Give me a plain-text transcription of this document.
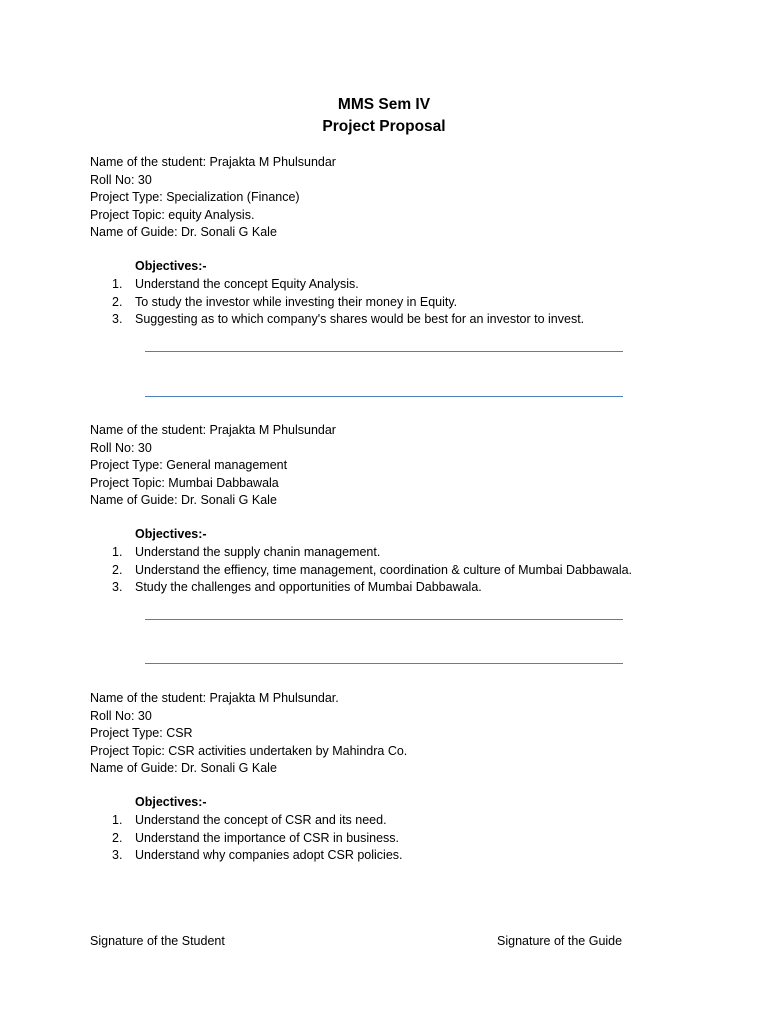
MMS Sem IV
Project Proposal
Name of the student: Prajakta M Phulsundar
Roll No: 30
Project Type: Specialization (Finance)
Project Topic: equity Analysis.
Name of Guide: Dr. Sonali G Kale
Objectives:-
1.	Understand the concept Equity Analysis.
2.	To study the investor while investing their money in Equity.
3.	Suggesting as to which company's shares would be best for an investor to invest.
Name of the student: Prajakta M Phulsundar
Roll No: 30
Project Type: General management
Project Topic: Mumbai Dabbawala
Name of Guide: Dr. Sonali G Kale
Objectives:-
1.	Understand the supply chanin management.
2.	Understand the effiency, time management, coordination & culture of Mumbai Dabbawala.
3.	Study the challenges and opportunities of Mumbai Dabbawala.
Name of the student: Prajakta M Phulsundar.
Roll No: 30
Project Type: CSR
Project Topic: CSR activities undertaken by Mahindra Co.
Name of Guide: Dr. Sonali G Kale
Objectives:-
1.	Understand the concept of CSR and its need.
2.	Understand the importance of CSR in business.
3.	Understand why companies adopt CSR policies.
Signature of the Student	Signature of the Guide
